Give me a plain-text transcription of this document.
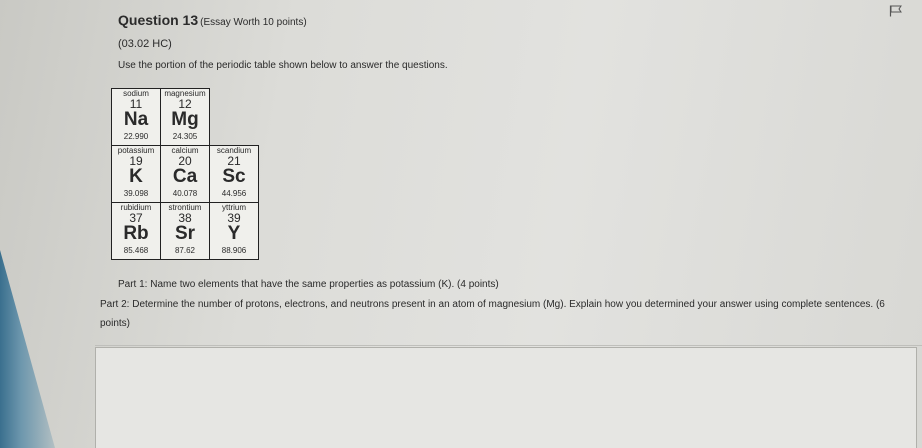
Question 13 (Essay Worth 10 points)
(03.02 HC)
Use the portion of the periodic table shown below to answer the questions.
sodium
11
Na
22.990
magnesium
12
Mg
24.305
potassium
19
K
39.098
calcium
20
Ca
40.078
scandium
21
Sc
44.956
rubidium
37
Rb
85.468
strontium
38
Sr
87.62
yttrium
39
Y
88.906
Part 1: Name two elements that have the same properties as potassium (K). (4 points)
Part 2: Determine the number of protons, electrons, and neutrons present in an atom of magnesium (Mg). Explain how you determined your answer using complete sentences. (6 points)
